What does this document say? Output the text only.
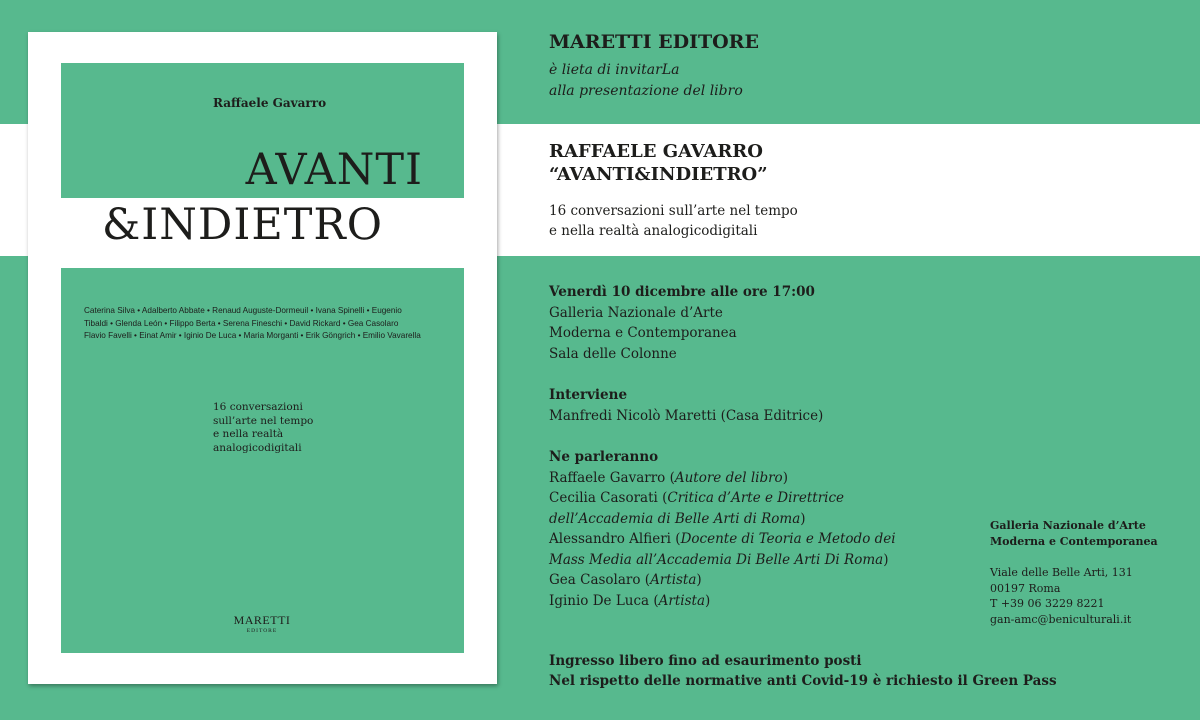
Raffaele Gavarro
AVANTI
&INDIETRO
Caterina Silva • Adalberto Abbate • Renaud Auguste-Dormeuil • Ivana Spinelli • Eugenio
Tibaldi • Glenda León • Filippo Berta • Serena Fineschi • David Rickard • Gea Casolaro
Flavio Favelli • Einat Amir • Iginio De Luca • Maria Morganti • Erik Göngrich • Emilio Vavarella
16 conversazioni
sull’arte nel tempo
e nella realtà
analogicodigitali
MARETTI
EDITORE
MARETTI EDITORE
è lieta di invitarLa
alla presentazione del libro
RAFFAELE GAVARRO
“AVANTI&INDIETRO”
16 conversazioni sull’arte nel tempo
e nella realtà analogicodigitali
Venerdì 10 dicembre alle ore 17:00
Galleria Nazionale d’Arte
Moderna e Contemporanea
Sala delle Colonne
Interviene
Manfredi Nicolò Maretti (Casa Editrice)
Ne parleranno
Raffaele Gavarro (Autore del libro)
Cecilia Casorati (Critica d’Arte e Direttrice
dell’Accademia di Belle Arti di Roma)
Alessandro Alfieri (Docente di Teoria e Metodo dei
Mass Media all’Accademia Di Belle Arti Di Roma)
Gea Casolaro (Artista)
Iginio De Luca (Artista)
Galleria Nazionale d’Arte
Moderna e Contemporanea
Viale delle Belle Arti, 131
00197 Roma
T +39 06 3229 8221
gan-amc@beniculturali.it
Ingresso libero fino ad esaurimento posti
Nel rispetto delle normative anti Covid-19 è richiesto il Green Pass
